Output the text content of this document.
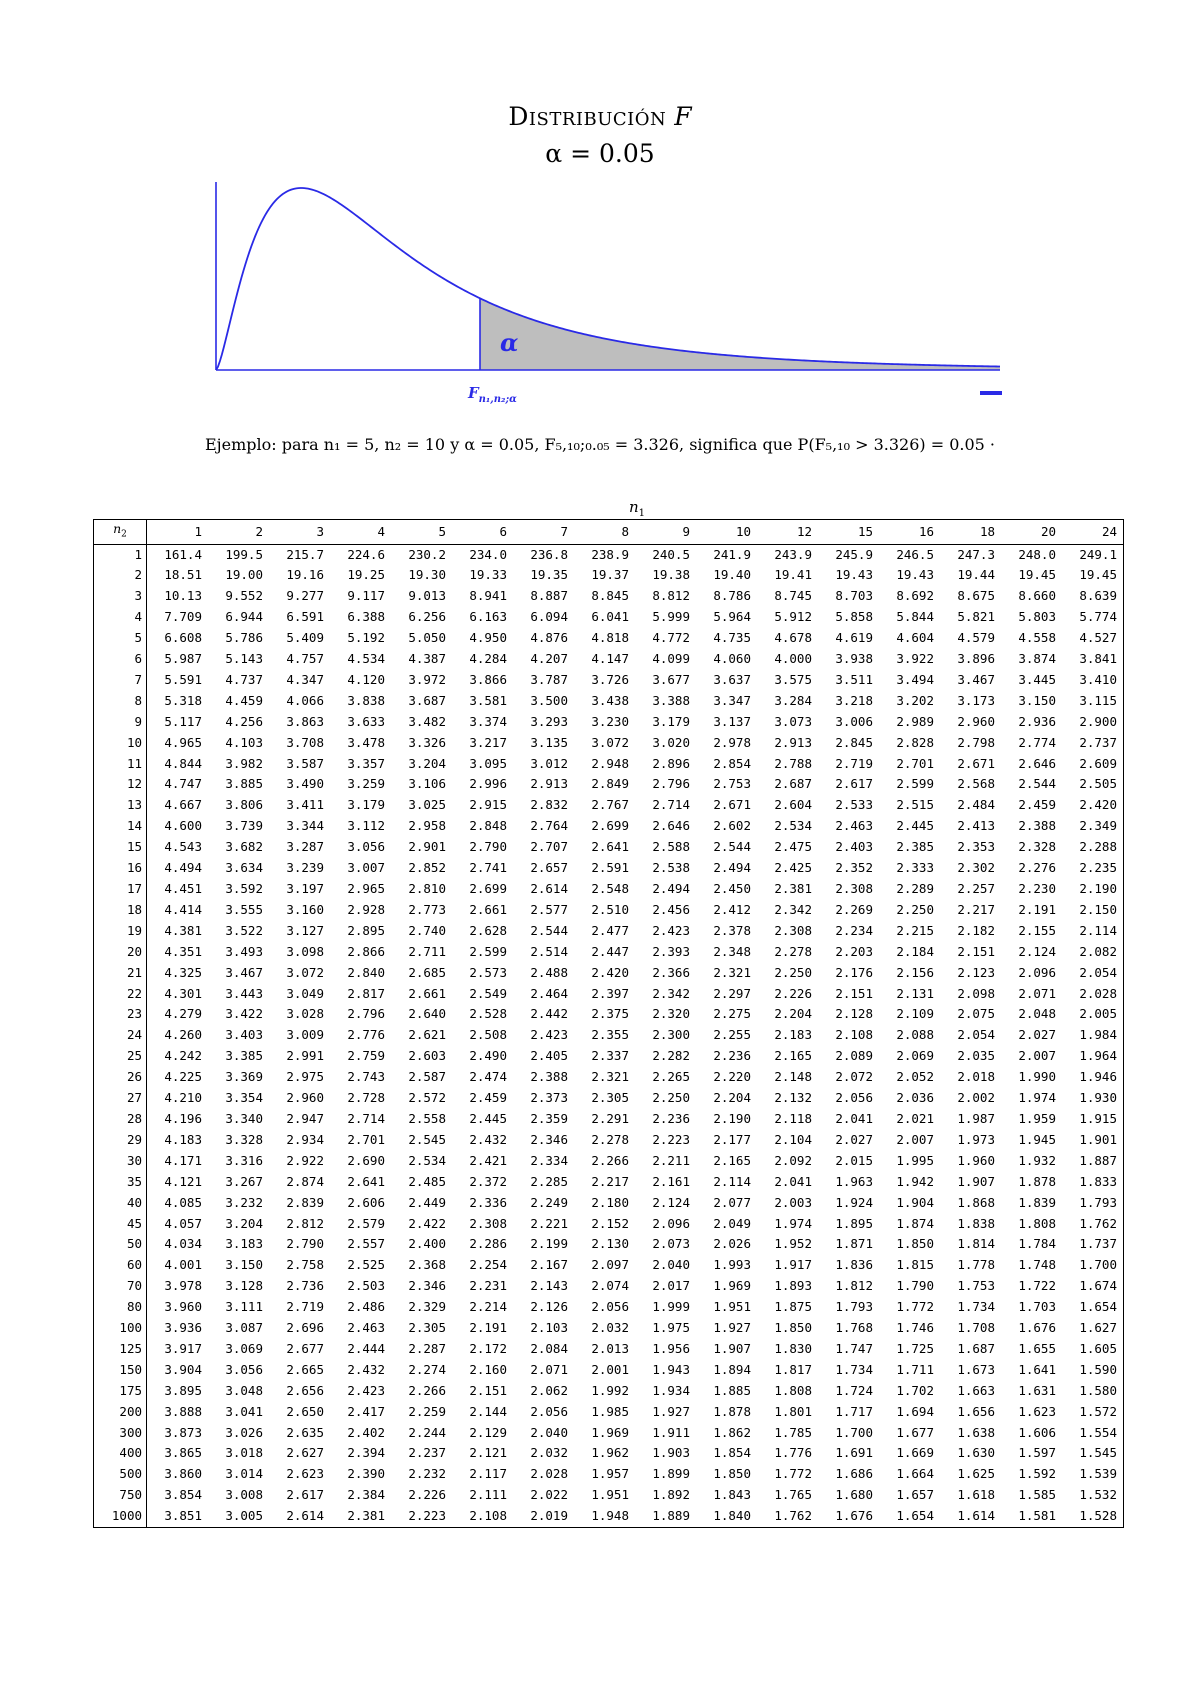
Distribución F
α = 0.05
α
$F_{n_1,n_2;\alpha}$
Ejemplo: para n₁ = 5, n₂ = 10 y α = 0.05, F₅,₁₀;₀.₀₅ = 3.326, significa que P(F₅,₁₀ > 3.326) = 0.05 ·
$n_1$
$n_2$	1	2	3	4	5	6	7	8	9	10	12	15	16	18	20	24
1	161.4	199.5	215.7	224.6	230.2	234.0	236.8	238.9	240.5	241.9	243.9	245.9	246.5	247.3	248.0	249.1
2	18.51	19.00	19.16	19.25	19.30	19.33	19.35	19.37	19.38	19.40	19.41	19.43	19.43	19.44	19.45	19.45
3	10.13	9.552	9.277	9.117	9.013	8.941	8.887	8.845	8.812	8.786	8.745	8.703	8.692	8.675	8.660	8.639
4	7.709	6.944	6.591	6.388	6.256	6.163	6.094	6.041	5.999	5.964	5.912	5.858	5.844	5.821	5.803	5.774
5	6.608	5.786	5.409	5.192	5.050	4.950	4.876	4.818	4.772	4.735	4.678	4.619	4.604	4.579	4.558	4.527
6	5.987	5.143	4.757	4.534	4.387	4.284	4.207	4.147	4.099	4.060	4.000	3.938	3.922	3.896	3.874	3.841
7	5.591	4.737	4.347	4.120	3.972	3.866	3.787	3.726	3.677	3.637	3.575	3.511	3.494	3.467	3.445	3.410
8	5.318	4.459	4.066	3.838	3.687	3.581	3.500	3.438	3.388	3.347	3.284	3.218	3.202	3.173	3.150	3.115
9	5.117	4.256	3.863	3.633	3.482	3.374	3.293	3.230	3.179	3.137	3.073	3.006	2.989	2.960	2.936	2.900
10	4.965	4.103	3.708	3.478	3.326	3.217	3.135	3.072	3.020	2.978	2.913	2.845	2.828	2.798	2.774	2.737
11	4.844	3.982	3.587	3.357	3.204	3.095	3.012	2.948	2.896	2.854	2.788	2.719	2.701	2.671	2.646	2.609
12	4.747	3.885	3.490	3.259	3.106	2.996	2.913	2.849	2.796	2.753	2.687	2.617	2.599	2.568	2.544	2.505
13	4.667	3.806	3.411	3.179	3.025	2.915	2.832	2.767	2.714	2.671	2.604	2.533	2.515	2.484	2.459	2.420
14	4.600	3.739	3.344	3.112	2.958	2.848	2.764	2.699	2.646	2.602	2.534	2.463	2.445	2.413	2.388	2.349
15	4.543	3.682	3.287	3.056	2.901	2.790	2.707	2.641	2.588	2.544	2.475	2.403	2.385	2.353	2.328	2.288
16	4.494	3.634	3.239	3.007	2.852	2.741	2.657	2.591	2.538	2.494	2.425	2.352	2.333	2.302	2.276	2.235
17	4.451	3.592	3.197	2.965	2.810	2.699	2.614	2.548	2.494	2.450	2.381	2.308	2.289	2.257	2.230	2.190
18	4.414	3.555	3.160	2.928	2.773	2.661	2.577	2.510	2.456	2.412	2.342	2.269	2.250	2.217	2.191	2.150
19	4.381	3.522	3.127	2.895	2.740	2.628	2.544	2.477	2.423	2.378	2.308	2.234	2.215	2.182	2.155	2.114
20	4.351	3.493	3.098	2.866	2.711	2.599	2.514	2.447	2.393	2.348	2.278	2.203	2.184	2.151	2.124	2.082
21	4.325	3.467	3.072	2.840	2.685	2.573	2.488	2.420	2.366	2.321	2.250	2.176	2.156	2.123	2.096	2.054
22	4.301	3.443	3.049	2.817	2.661	2.549	2.464	2.397	2.342	2.297	2.226	2.151	2.131	2.098	2.071	2.028
23	4.279	3.422	3.028	2.796	2.640	2.528	2.442	2.375	2.320	2.275	2.204	2.128	2.109	2.075	2.048	2.005
24	4.260	3.403	3.009	2.776	2.621	2.508	2.423	2.355	2.300	2.255	2.183	2.108	2.088	2.054	2.027	1.984
25	4.242	3.385	2.991	2.759	2.603	2.490	2.405	2.337	2.282	2.236	2.165	2.089	2.069	2.035	2.007	1.964
26	4.225	3.369	2.975	2.743	2.587	2.474	2.388	2.321	2.265	2.220	2.148	2.072	2.052	2.018	1.990	1.946
27	4.210	3.354	2.960	2.728	2.572	2.459	2.373	2.305	2.250	2.204	2.132	2.056	2.036	2.002	1.974	1.930
28	4.196	3.340	2.947	2.714	2.558	2.445	2.359	2.291	2.236	2.190	2.118	2.041	2.021	1.987	1.959	1.915
29	4.183	3.328	2.934	2.701	2.545	2.432	2.346	2.278	2.223	2.177	2.104	2.027	2.007	1.973	1.945	1.901
30	4.171	3.316	2.922	2.690	2.534	2.421	2.334	2.266	2.211	2.165	2.092	2.015	1.995	1.960	1.932	1.887
35	4.121	3.267	2.874	2.641	2.485	2.372	2.285	2.217	2.161	2.114	2.041	1.963	1.942	1.907	1.878	1.833
40	4.085	3.232	2.839	2.606	2.449	2.336	2.249	2.180	2.124	2.077	2.003	1.924	1.904	1.868	1.839	1.793
45	4.057	3.204	2.812	2.579	2.422	2.308	2.221	2.152	2.096	2.049	1.974	1.895	1.874	1.838	1.808	1.762
50	4.034	3.183	2.790	2.557	2.400	2.286	2.199	2.130	2.073	2.026	1.952	1.871	1.850	1.814	1.784	1.737
60	4.001	3.150	2.758	2.525	2.368	2.254	2.167	2.097	2.040	1.993	1.917	1.836	1.815	1.778	1.748	1.700
70	3.978	3.128	2.736	2.503	2.346	2.231	2.143	2.074	2.017	1.969	1.893	1.812	1.790	1.753	1.722	1.674
80	3.960	3.111	2.719	2.486	2.329	2.214	2.126	2.056	1.999	1.951	1.875	1.793	1.772	1.734	1.703	1.654
100	3.936	3.087	2.696	2.463	2.305	2.191	2.103	2.032	1.975	1.927	1.850	1.768	1.746	1.708	1.676	1.627
125	3.917	3.069	2.677	2.444	2.287	2.172	2.084	2.013	1.956	1.907	1.830	1.747	1.725	1.687	1.655	1.605
150	3.904	3.056	2.665	2.432	2.274	2.160	2.071	2.001	1.943	1.894	1.817	1.734	1.711	1.673	1.641	1.590
175	3.895	3.048	2.656	2.423	2.266	2.151	2.062	1.992	1.934	1.885	1.808	1.724	1.702	1.663	1.631	1.580
200	3.888	3.041	2.650	2.417	2.259	2.144	2.056	1.985	1.927	1.878	1.801	1.717	1.694	1.656	1.623	1.572
300	3.873	3.026	2.635	2.402	2.244	2.129	2.040	1.969	1.911	1.862	1.785	1.700	1.677	1.638	1.606	1.554
400	3.865	3.018	2.627	2.394	2.237	2.121	2.032	1.962	1.903	1.854	1.776	1.691	1.669	1.630	1.597	1.545
500	3.860	3.014	2.623	2.390	2.232	2.117	2.028	1.957	1.899	1.850	1.772	1.686	1.664	1.625	1.592	1.539
750	3.854	3.008	2.617	2.384	2.226	2.111	2.022	1.951	1.892	1.843	1.765	1.680	1.657	1.618	1.585	1.532
1000	3.851	3.005	2.614	2.381	2.223	2.108	2.019	1.948	1.889	1.840	1.762	1.676	1.654	1.614	1.581	1.528
